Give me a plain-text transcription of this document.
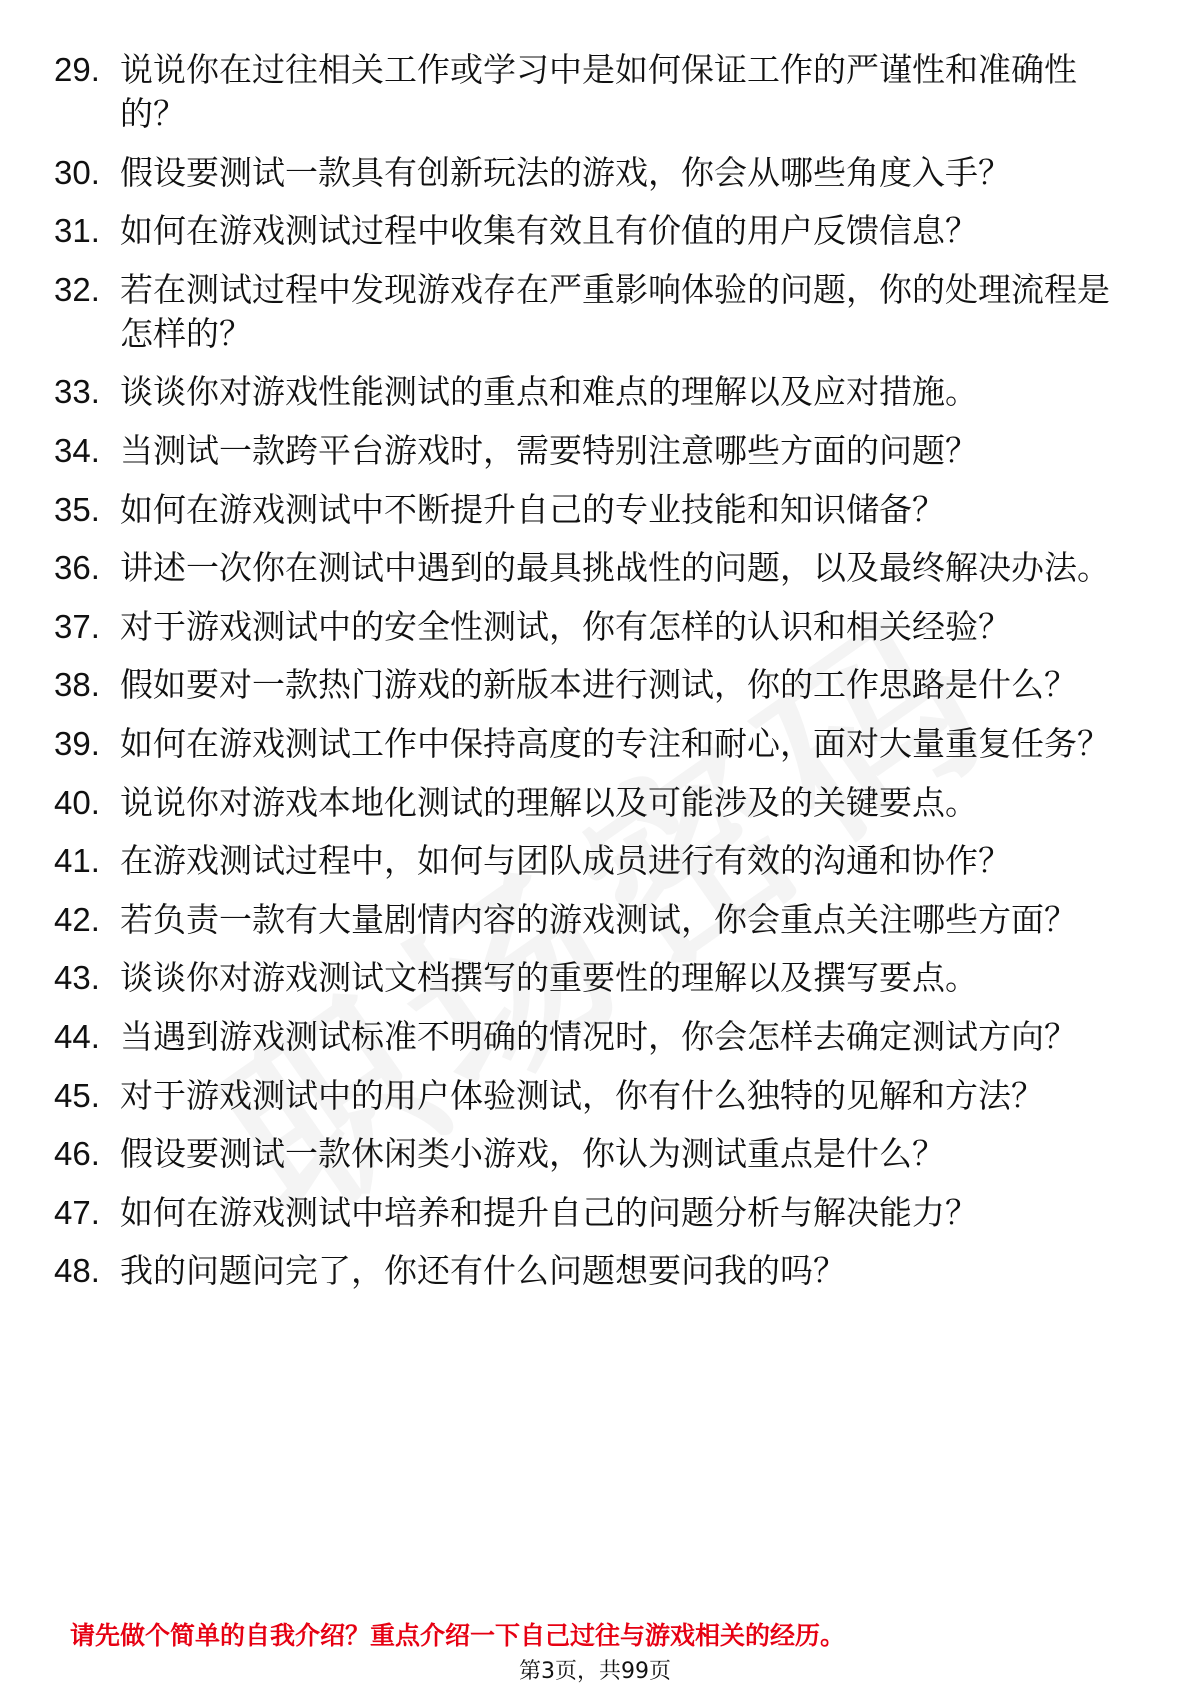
29. 说说你在过往相关工作或学习中是如何保证工作的严谨性和准确性的？
30. 假设要测试一款具有创新玩法的游戏，你会从哪些角度入手？
31. 如何在游戏测试过程中收集有效且有价值的用户反馈信息？
32. 若在测试过程中发现游戏存在严重影响体验的问题，你的处理流程是怎样的？
33. 谈谈你对游戏性能测试的重点和难点的理解以及应对措施。
34. 当测试一款跨平台游戏时，需要特别注意哪些方面的问题？
35. 如何在游戏测试中不断提升自己的专业技能和知识储备？
36. 讲述一次你在测试中遇到的最具挑战性的问题，以及最终解决办法。
37. 对于游戏测试中的安全性测试，你有怎样的认识和相关经验？
38. 假如要对一款热门游戏的新版本进行测试，你的工作思路是什么？
39. 如何在游戏测试工作中保持高度的专注和耐心，面对大量重复任务？
40. 说说你对游戏本地化测试的理解以及可能涉及的关键要点。
41. 在游戏测试过程中，如何与团队成员进行有效的沟通和协作？
42. 若负责一款有大量剧情内容的游戏测试，你会重点关注哪些方面？
43. 谈谈你对游戏测试文档撰写的重要性的理解以及撰写要点。
44. 当遇到游戏测试标准不明确的情况时，你会怎样去确定测试方向？
45. 对于游戏测试中的用户体验测试，你有什么独特的见解和方法？
46. 假设要测试一款休闲类小游戏，你认为测试重点是什么？
47. 如何在游戏测试中培养和提升自己的问题分析与解决能力？
48. 我的问题问完了，你还有什么问题想要问我的吗？
请先做个简单的自我介绍？重点介绍一下自己过往与游戏相关的经历。
第3页，共99页
